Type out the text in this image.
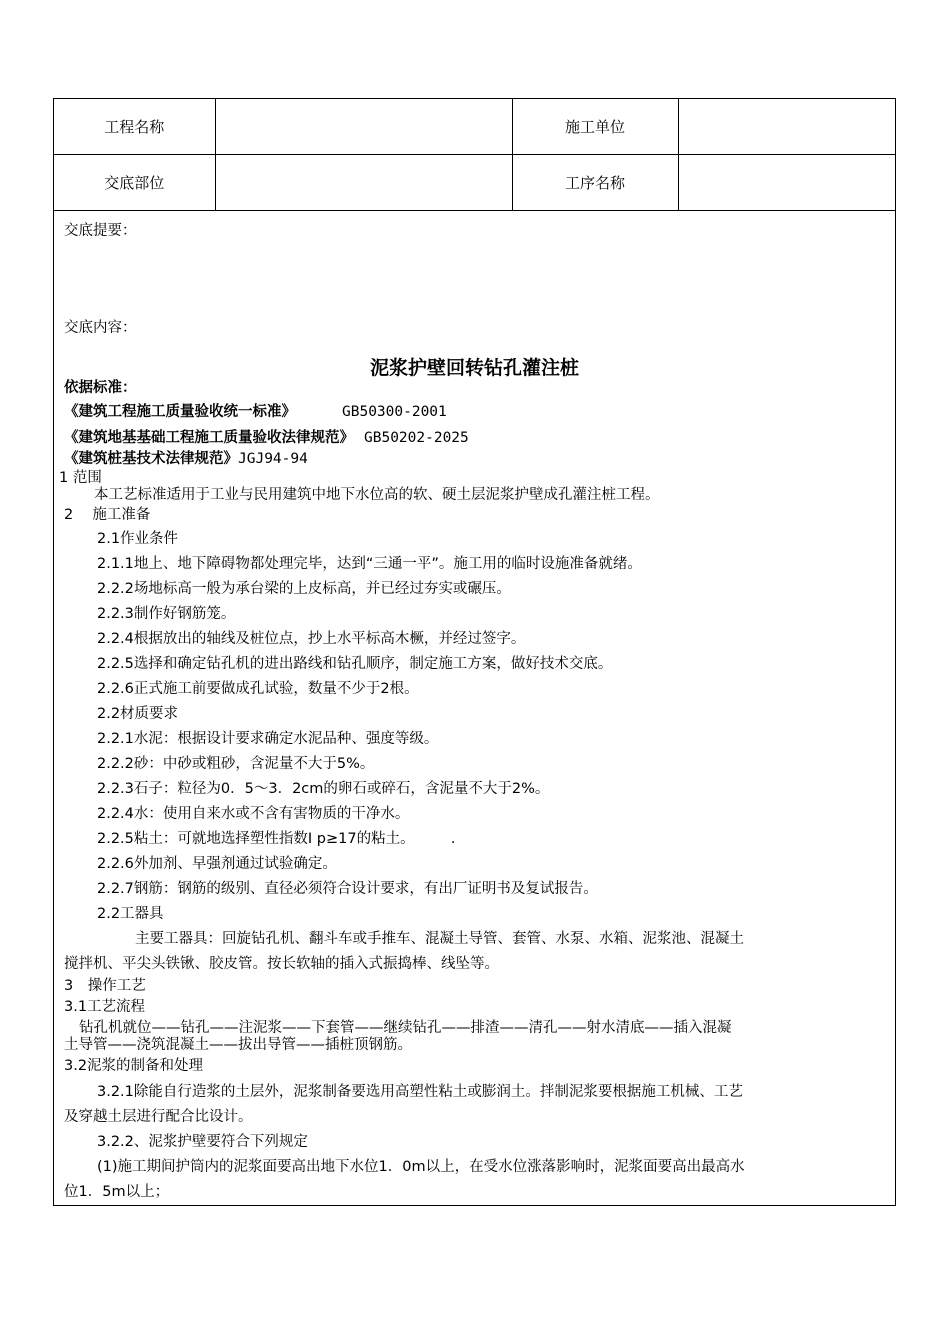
工程名称		施工单位	
交底部位		工序名称	
交底提要：
交底内容：
泥浆护壁回转钻孔灌注桩
依据标准：
《建筑工程施工质量验收统一标准》	GB50300-2001
《建筑地基基础工程施工质量验收法律规范》 GB50202-2025
《建筑桩基技术法律规范》JGJ94-94
1 范围
本工艺标准适用于工业与民用建筑中地下水位高的软、硬土层泥浆护壁成孔灌注桩工程。
2　 施工准备
2.1作业条件
2.1.1地上、地下障碍物都处理完毕，达到“三通一平”。施工用的临时设施准备就绪。
2.2.2场地标高一般为承台梁的上皮标高，并已经过夯实或碾压。
2.2.3制作好钢筋笼。
2.2.4根据放出的轴线及桩位点，抄上水平标高木橛，并经过签字。
2.2.5选择和确定钻孔机的进出路线和钻孔顺序，制定施工方案，做好技术交底。
2.2.6正式施工前要做成孔试验，数量不少于2根。
2.2材质要求
2.2.1水泥：根据设计要求确定水泥品种、强度等级。
2.2.2砂：中砂或粗砂，含泥量不大于5%。
2.2.3石子：粒径为0．5～3．2cm的卵石或碎石，含泥量不大于2%。
2.2.4水：使用自来水或不含有害物质的干净水。
2.2.5粘土：可就地选择塑性指数I p≥17的粘土。　　　.
2.2.6外加剂、早强剂通过试验确定。
2.2.7钢筋：钢筋的级别、直径必须符合设计要求，有出厂证明书及复试报告。
2.2工器具
主要工器具：回旋钻孔机、翻斗车或手推车、混凝土导管、套管、水泵、水箱、泥浆池、混凝土
搅拌机、平尖头铁锹、胶皮管。按长软轴的插入式振捣棒、线坠等。
3　操作工艺
3.1工艺流程
钻孔机就位——钻孔——注泥浆——下套管——继续钻孔——排渣——清孔——射水清底——插入混凝
土导管——浇筑混凝土——拔出导管——插桩顶钢筋。
3.2泥浆的制备和处理
3.2.1除能自行造浆的土层外，泥浆制备要选用高塑性粘土或膨润土。拌制泥浆要根据施工机械、工艺
及穿越土层进行配合比设计。
3.2.2、泥浆护壁要符合下列规定
(1)施工期间护筒内的泥浆面要高出地下水位1．0m以上，在受水位涨落影响时，泥浆面要高出最高水
位1．5m以上；
